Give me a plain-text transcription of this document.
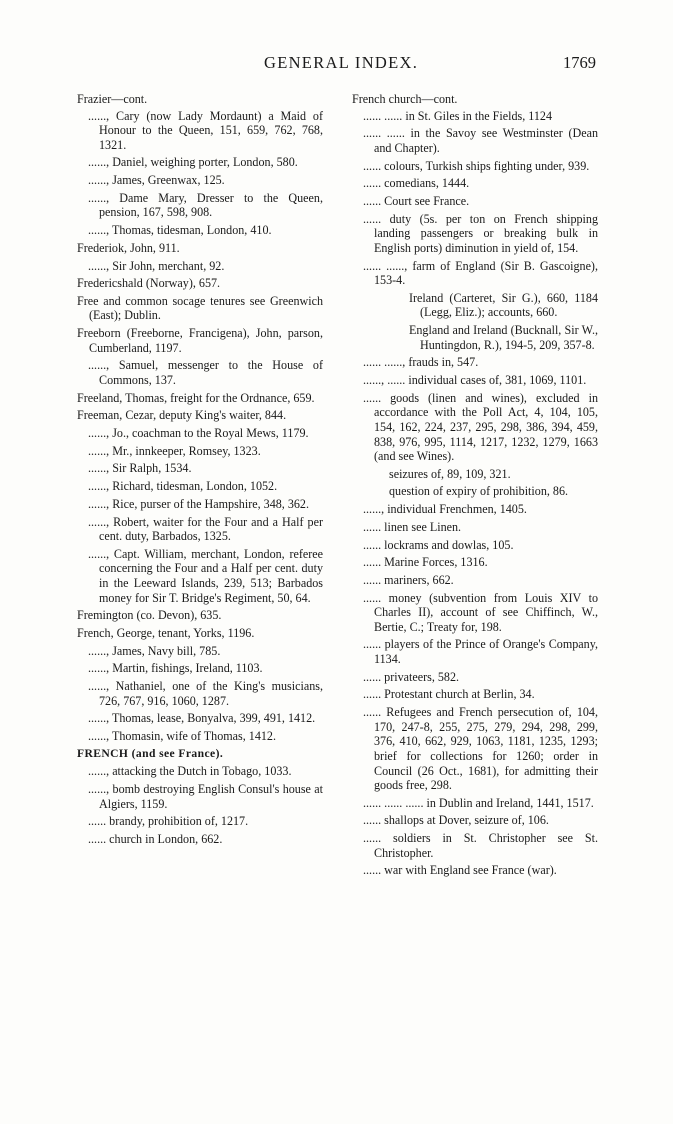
GENERAL INDEX.	1769
Frazier—cont.
......, Cary (now Lady Mordaunt) a Maid of Honour to the Queen, 151, 659, 762, 768, 1321.
......, Daniel, weighing porter, London, 580.
......, James, Greenwax, 125.
......, Dame Mary, Dresser to the Queen, pension, 167, 598, 908.
......, Thomas, tidesman, London, 410.
Frederiok, John, 911.
......, Sir John, merchant, 92.
Fredericshald (Norway), 657.
Free and common socage tenures see Greenwich (East); Dublin.
Freeborn (Freeborne, Francigena), John, parson, Cumberland, 1197.
......, Samuel, messenger to the House of Commons, 137.
Freeland, Thomas, freight for the Ordnance, 659.
Freeman, Cezar, deputy King's waiter, 844.
......, Jo., coachman to the Royal Mews, 1179.
......, Mr., innkeeper, Romsey, 1323.
......, Sir Ralph, 1534.
......, Richard, tidesman, London, 1052.
......, Rice, purser of the Hampshire, 348, 362.
......, Robert, waiter for the Four and a Half per cent. duty, Barbados, 1325.
......, Capt. William, merchant, London, referee concerning the Four and a Half per cent. duty in the Leeward Islands, 239, 513; Barbados money for Sir T. Bridge's Regiment, 50, 64.
Fremington (co. Devon), 635.
French, George, tenant, Yorks, 1196.
......, James, Navy bill, 785.
......, Martin, fishings, Ireland, 1103.
......, Nathaniel, one of the King's musicians, 726, 767, 916, 1060, 1287.
......, Thomas, lease, Bonyalva, 399, 491, 1412.
......, Thomasin, wife of Thomas, 1412.
FRENCH (and see France).
......, attacking the Dutch in Tobago, 1033.
......, bomb destroying English Consul's house at Algiers, 1159.
...... brandy, prohibition of, 1217.
...... church in London, 662.
French church—cont.
...... ...... in St. Giles in the Fields, 1124
...... ...... in the Savoy see Westminster (Dean and Chapter).
...... colours, Turkish ships fighting under, 939.
...... comedians, 1444.
...... Court see France.
...... duty (5s. per ton on French shipping landing passengers or breaking bulk in English ports) diminution in yield of, 154.
...... ......, farm of England (Sir B. Gascoigne), 153-4.
Ireland (Carteret, Sir G.), 660, 1184 (Legg, Eliz.); accounts, 660.
England and Ireland (Bucknall, Sir W., Huntingdon, R.), 194-5, 209, 357-8.
...... ......, frauds in, 547.
......, ...... individual cases of, 381, 1069, 1101.
...... goods (linen and wines), excluded in accordance with the Poll Act, 4, 104, 105, 154, 162, 224, 237, 295, 298, 386, 394, 459, 838, 976, 995, 1114, 1217, 1232, 1279, 1663 (and see Wines).
seizures of, 89, 109, 321.
question of expiry of prohibition, 86.
......, individual Frenchmen, 1405.
...... linen see Linen.
...... lockrams and dowlas, 105.
...... Marine Forces, 1316.
...... mariners, 662.
...... money (subvention from Louis XIV to Charles II), account of see Chiffinch, W., Bertie, C.; Treaty for, 198.
...... players of the Prince of Orange's Company, 1134.
...... privateers, 582.
...... Protestant church at Berlin, 34.
...... Refugees and French persecution of, 104, 170, 247-8, 255, 275, 279, 294, 298, 299, 376, 410, 662, 929, 1063, 1181, 1235, 1293; brief for collections for 1260; order in Council (26 Oct., 1681), for admitting their goods free, 298.
...... ...... ...... in Dublin and Ireland, 1441, 1517.
...... shallops at Dover, seizure of, 106.
...... soldiers in St. Christopher see St. Christopher.
...... war with England see France (war).
